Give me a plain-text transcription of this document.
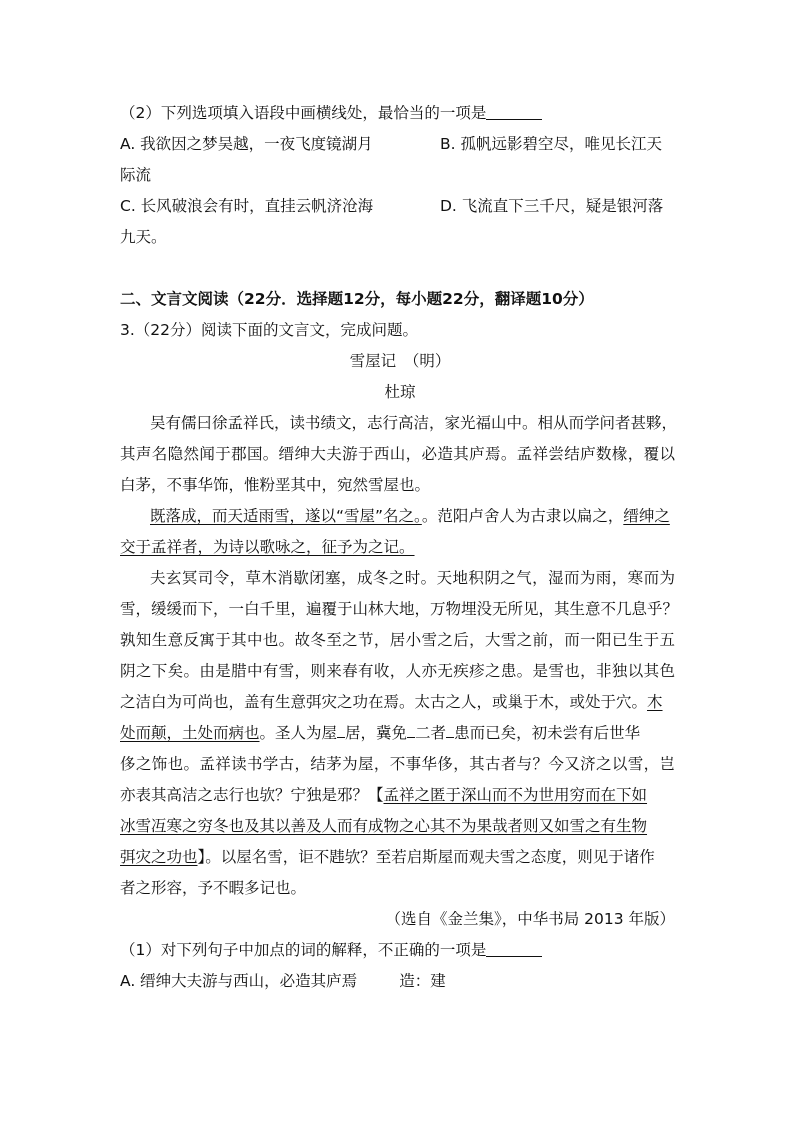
（2）下列选项填入语段中画横线处，最恰当的一项是
A. 我欲因之梦吴越，一夜飞度镜湖月	B. 孤帆远影碧空尽，唯见长江天
际流
C. 长风破浪会有时，直挂云帆济沧海	D. 飞流直下三千尺，疑是银河落
九天。
二、文言文阅读（22分．选择题12分，每小题22分，翻译题10分）
3.（22分）阅读下面的文言文，完成问题。
雪屋记　（明）
杜琼
吴有儒曰徐孟祥氏，读书绩文，志行高洁，家光福山中。相从而学问者甚夥，
其声名隐然闻于郡国。缙绅大夫游于西山，必造其庐焉。孟祥尝结庐数椽，覆以
白茅，不事华饰，惟粉垩其中，宛然雪屋也。
既落成，而天适雨雪，遂以“雪屋”名之。。范阳卢舍人为古隶以扁之，缙绅之
交于孟祥者，为诗以歌咏之，征予为之记。
夫玄冥司令，草木消歇闭塞，成冬之时。天地积阴之气，湿而为雨，寒而为
雪，缓缓而下，一白千里，遍覆于山林大地，万物埋没无所见，其生意不几息乎？
孰知生意反寓于其中也。故冬至之节，居小雪之后，大雪之前，而一阳已生于五
阴之下矣。由是腊中有雪，则来春有收，人亦无疾疹之患。是雪也，非独以其色
之洁白为可尚也，盖有生意弭灾之功在焉。太古之人，或巢于木，或处于穴。木
处而颠，土处而病也。圣人为屋 居，冀免 二者 患而已矣，初未尝有后世华
侈之饰也。孟祥读书学古，结茅为屋，不事华侈，其古者与？今又济之以雪，岂
亦表其高洁之志行也欤？宁独是邪？【孟祥之匿于深山而不为世用穷而在下如
冰雪冱寒之穷冬也及其以善及人而有成物之心其不为果哉者则又如雪之有生物
弭灾之功也】。以屋名雪，讵不韪欤？至若启斯屋而观夫雪之态度，则见于诸作
者之形容，予不暇多记也。
（选自《金兰集》，中华书局 2013 年版）
（1）对下列句子中加点的词的解释，不正确的一项是
A. 缙绅大夫游与西山，必造其庐焉	造：建
